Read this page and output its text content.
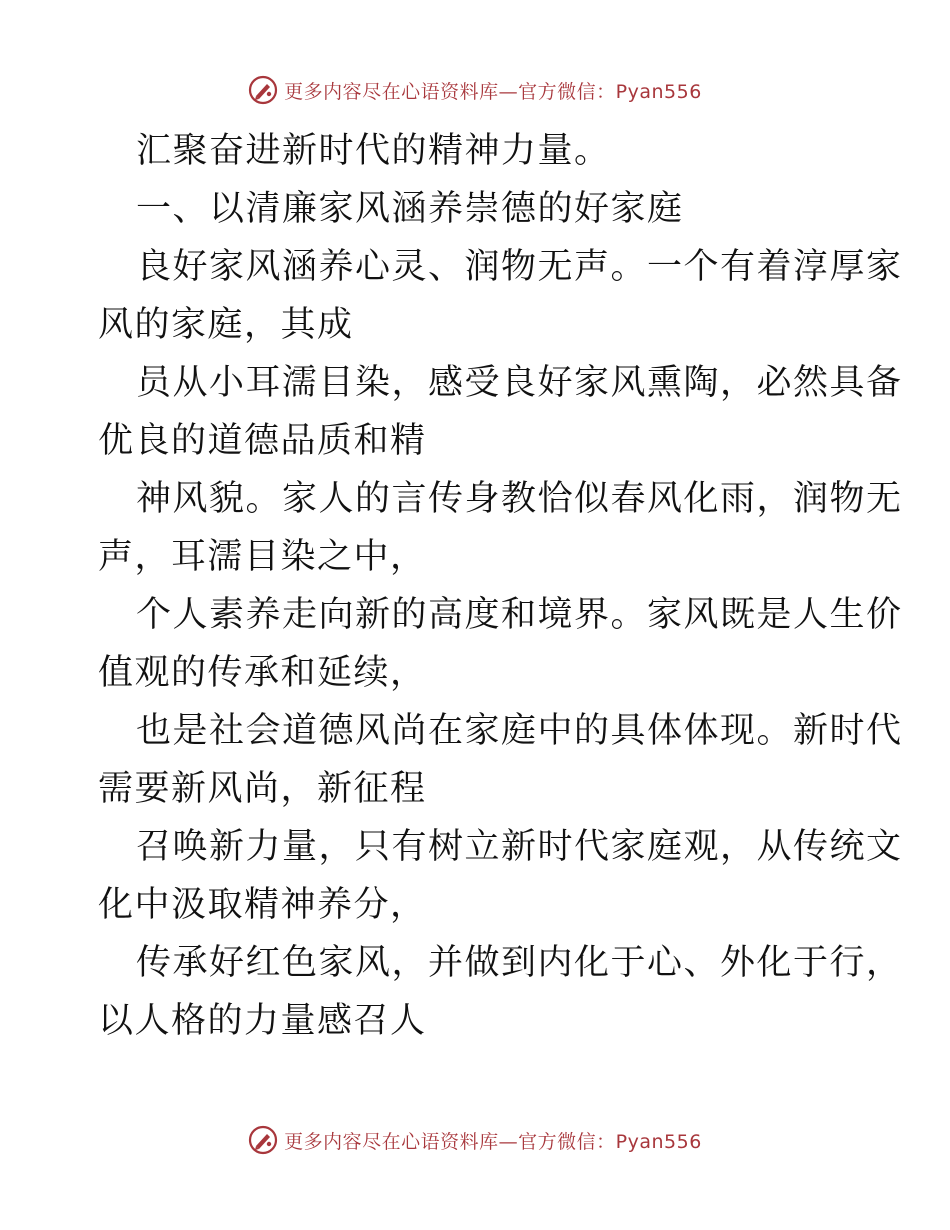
更多内容尽在心语资料库—官方微信：Pyan556
汇聚奋进新时代的精神力量。
一、以清廉家风涵养崇德的好家庭
良好家风涵养心灵、润物无声。一个有着淳厚家
风的家庭，其成
员从小耳濡目染，感受良好家风熏陶，必然具备
优良的道德品质和精
神风貌。家人的言传身教恰似春风化雨，润物无
声，耳濡目染之中，
个人素养走向新的高度和境界。家风既是人生价
值观的传承和延续，
也是社会道德风尚在家庭中的具体体现。新时代
需要新风尚，新征程
召唤新力量，只有树立新时代家庭观，从传统文
化中汲取精神养分，
传承好红色家风，并做到内化于心、外化于行，
以人格的力量感召人
更多内容尽在心语资料库—官方微信：Pyan556
